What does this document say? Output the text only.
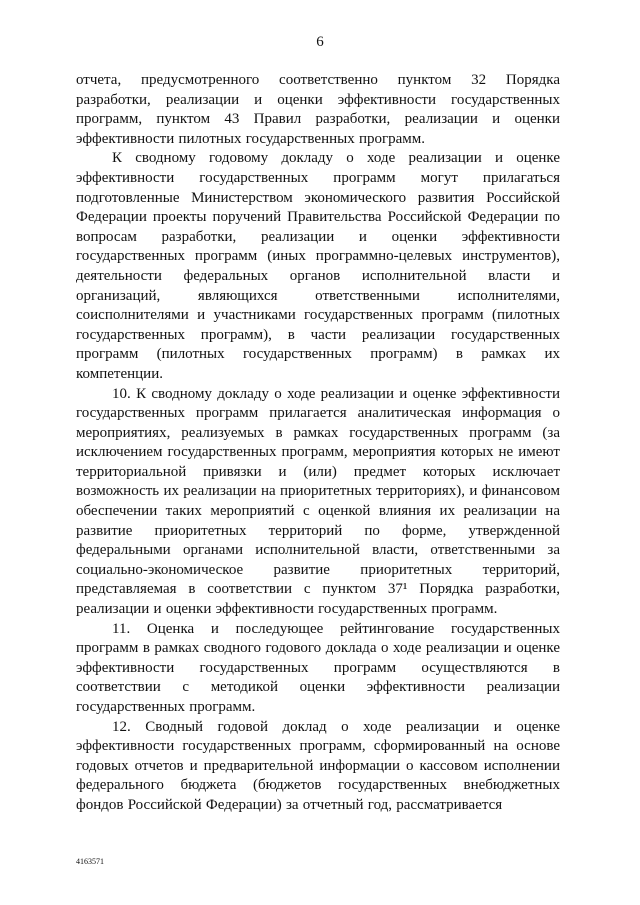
6

отчета, предусмотренного соответственно пунктом 32 Порядка разработки, реализации и оценки эффективности государственных программ, пунктом 43 Правил разработки, реализации и оценки эффективности пилотных государственных программ.

К сводному годовому докладу о ходе реализации и оценке эффективности государственных программ могут прилагаться подготовленные Министерством экономического развития Российской Федерации проекты поручений Правительства Российской Федерации по вопросам разработки, реализации и оценки эффективности государственных программ (иных программно-целевых инструментов), деятельности федеральных органов исполнительной власти и организаций, являющихся ответственными исполнителями, соисполнителями и участниками государственных программ (пилотных государственных программ), в части реализации государственных программ (пилотных государственных программ) в рамках их компетенции.

10. К сводному докладу о ходе реализации и оценке эффективности государственных программ прилагается аналитическая информация о мероприятиях, реализуемых в рамках государственных программ (за исключением государственных программ, мероприятия которых не имеют территориальной привязки и (или) предмет которых исключает возможность их реализации на приоритетных территориях), и финансовом обеспечении таких мероприятий с оценкой влияния их реализации на развитие приоритетных территорий по форме, утвержденной федеральными органами исполнительной власти, ответственными за социально-экономическое развитие приоритетных территорий, представляемая в соответствии с пунктом 37¹ Порядка разработки, реализации и оценки эффективности государственных программ.

11. Оценка и последующее рейтингование государственных программ в рамках сводного годового доклада о ходе реализации и оценке эффективности государственных программ осуществляются в соответствии с методикой оценки эффективности реализации государственных программ.

12. Сводный годовой доклад о ходе реализации и оценке эффективности государственных программ, сформированный на основе годовых отчетов и предварительной информации о кассовом исполнении федерального бюджета (бюджетов государственных внебюджетных фондов Российской Федерации) за отчетный год, рассматривается

4163571
